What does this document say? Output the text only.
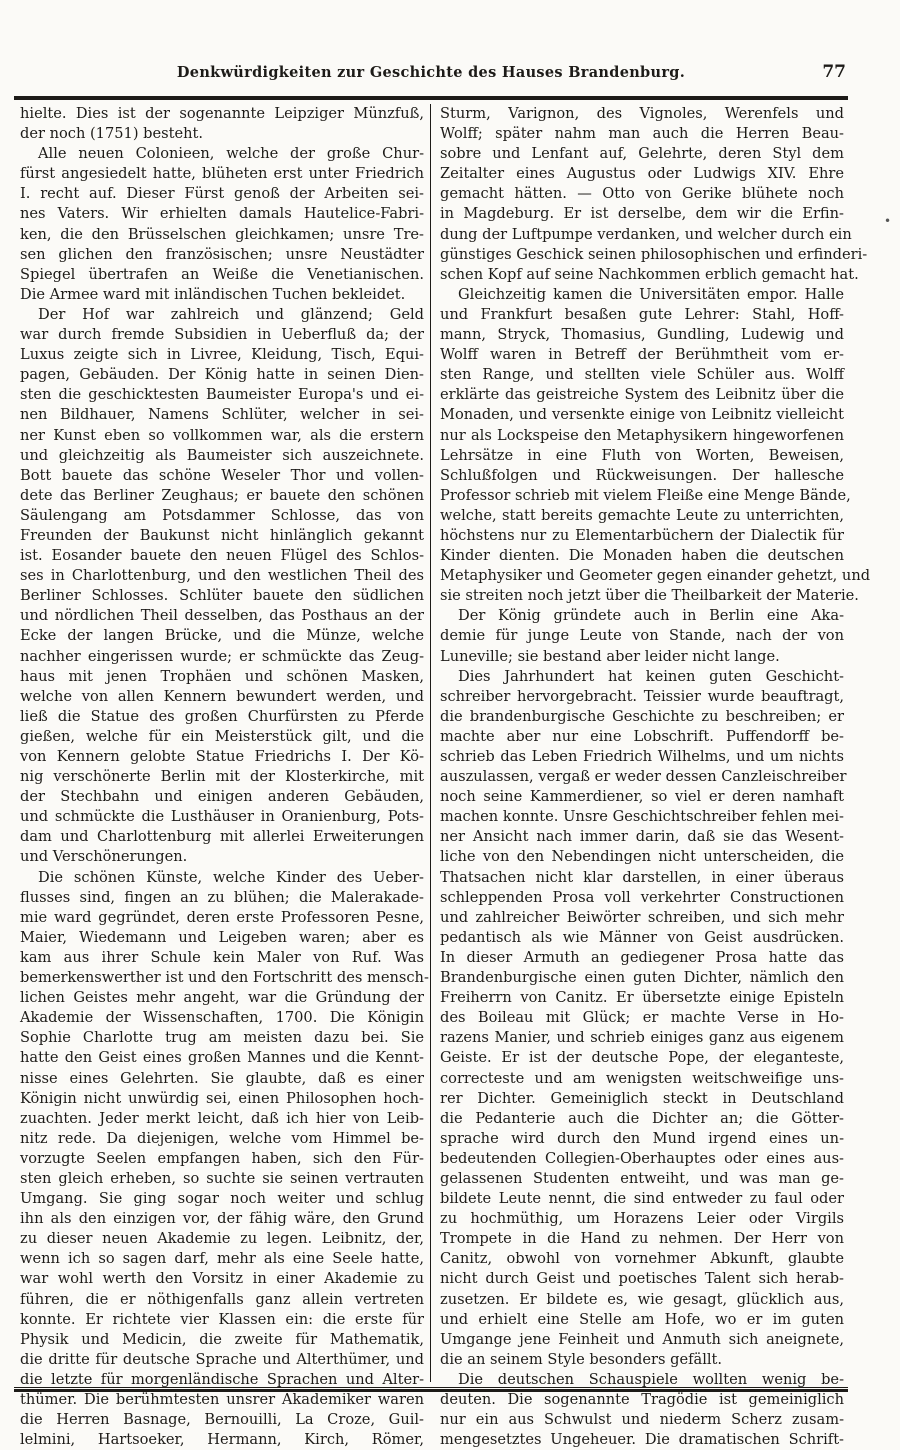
Denkwürdigkeiten zur Geschichte des Hauses Brandenburg.	77
hielte. Dies ist der sogenannte Leipziger Münzfuß,
der noch (1751) besteht.
Alle neuen Colonieen, welche der große Chur-
fürst angesiedelt hatte, blüheten erst unter Friedrich
I. recht auf. Dieser Fürst genoß der Arbeiten sei-
nes Vaters. Wir erhielten damals Hautelice-Fabri-
ken, die den Brüsselschen gleichkamen; unsre Tre-
sen glichen den französischen; unsre Neustädter
Spiegel übertrafen an Weiße die Venetianischen.
Die Armee ward mit inländischen Tuchen bekleidet.
Der Hof war zahlreich und glänzend; Geld
war durch fremde Subsidien in Ueberfluß da; der
Luxus zeigte sich in Livree, Kleidung, Tisch, Equi-
pagen, Gebäuden. Der König hatte in seinen Dien-
sten die geschicktesten Baumeister Europa's und ei-
nen Bildhauer, Namens Schlüter, welcher in sei-
ner Kunst eben so vollkommen war, als die erstern
und gleichzeitig als Baumeister sich auszeichnete.
Bott bauete das schöne Weseler Thor und vollen-
dete das Berliner Zeughaus; er bauete den schönen
Säulengang am Potsdammer Schlosse, das von
Freunden der Baukunst nicht hinlänglich gekannt
ist. Eosander bauete den neuen Flügel des Schlos-
ses in Charlottenburg, und den westlichen Theil des
Berliner Schlosses. Schlüter bauete den südlichen
und nördlichen Theil desselben, das Posthaus an der
Ecke der langen Brücke, und die Münze, welche
nachher eingerissen wurde; er schmückte das Zeug-
haus mit jenen Trophäen und schönen Masken,
welche von allen Kennern bewundert werden, und
ließ die Statue des großen Churfürsten zu Pferde
gießen, welche für ein Meisterstück gilt, und die
von Kennern gelobte Statue Friedrichs I. Der Kö-
nig verschönerte Berlin mit der Klosterkirche, mit
der Stechbahn und einigen anderen Gebäuden,
und schmückte die Lusthäuser in Oranienburg, Pots-
dam und Charlottenburg mit allerlei Erweiterungen
und Verschönerungen.
Die schönen Künste, welche Kinder des Ueber-
flusses sind, fingen an zu blühen; die Malerakade-
mie ward gegründet, deren erste Professoren Pesne,
Maier, Wiedemann und Leigeben waren; aber es
kam aus ihrer Schule kein Maler von Ruf. Was
bemerkenswerther ist und den Fortschritt des mensch-
lichen Geistes mehr angeht, war die Gründung der
Akademie der Wissenschaften, 1700. Die Königin
Sophie Charlotte trug am meisten dazu bei. Sie
hatte den Geist eines großen Mannes und die Kennt-
nisse eines Gelehrten. Sie glaubte, daß es einer
Königin nicht unwürdig sei, einen Philosophen hoch-
zuachten. Jeder merkt leicht, daß ich hier von Leib-
nitz rede. Da diejenigen, welche vom Himmel be-
vorzugte Seelen empfangen haben, sich den Für-
sten gleich erheben, so suchte sie seinen vertrauten
Umgang. Sie ging sogar noch weiter und schlug
ihn als den einzigen vor, der fähig wäre, den Grund
zu dieser neuen Akademie zu legen. Leibnitz, der,
wenn ich so sagen darf, mehr als eine Seele hatte,
war wohl werth den Vorsitz in einer Akademie zu
führen, die er nöthigenfalls ganz allein vertreten
konnte. Er richtete vier Klassen ein: die erste für
Physik und Medicin, die zweite für Mathematik,
die dritte für deutsche Sprache und Alterthümer, und
die letzte für morgenländische Sprachen und Alter-
thümer. Die berühmtesten unsrer Akademiker waren
die Herren Basnage, Bernouilli, La Croze, Guil-
lelmini, Hartsoeker, Hermann, Kirch, Römer,
Sturm, Varignon, des Vignoles, Werenfels und
Wolff; später nahm man auch die Herren Beau-
sobre und Lenfant auf, Gelehrte, deren Styl dem
Zeitalter eines Augustus oder Ludwigs XIV. Ehre
gemacht hätten. — Otto von Gerike blühete noch
in Magdeburg. Er ist derselbe, dem wir die Erfin-
dung der Luftpumpe verdanken, und welcher durch ein
günstiges Geschick seinen philosophischen und erfinderi-
schen Kopf auf seine Nachkommen erblich gemacht hat.
Gleichzeitig kamen die Universitäten empor. Halle
und Frankfurt besaßen gute Lehrer: Stahl, Hoff-
mann, Stryck, Thomasius, Gundling, Ludewig und
Wolff waren in Betreff der Berühmtheit vom er-
sten Range, und stellten viele Schüler aus. Wolff
erklärte das geistreiche System des Leibnitz über die
Monaden, und versenkte einige von Leibnitz vielleicht
nur als Lockspeise den Metaphysikern hingeworfenen
Lehrsätze in eine Fluth von Worten, Beweisen,
Schlußfolgen und Rückweisungen. Der hallesche
Professor schrieb mit vielem Fleiße eine Menge Bände,
welche, statt bereits gemachte Leute zu unterrichten,
höchstens nur zu Elementarbüchern der Dialectik für
Kinder dienten. Die Monaden haben die deutschen
Metaphysiker und Geometer gegen einander gehetzt, und
sie streiten noch jetzt über die Theilbarkeit der Materie.
Der König gründete auch in Berlin eine Aka-
demie für junge Leute von Stande, nach der von
Luneville; sie bestand aber leider nicht lange.
Dies Jahrhundert hat keinen guten Geschicht-
schreiber hervorgebracht. Teissier wurde beauftragt,
die brandenburgische Geschichte zu beschreiben; er
machte aber nur eine Lobschrift. Puffendorff be-
schrieb das Leben Friedrich Wilhelms, und um nichts
auszulassen, vergaß er weder dessen Canzleischreiber
noch seine Kammerdiener, so viel er deren namhaft
machen konnte. Unsre Geschichtschreiber fehlen mei-
ner Ansicht nach immer darin, daß sie das Wesent-
liche von den Nebendingen nicht unterscheiden, die
Thatsachen nicht klar darstellen, in einer überaus
schleppenden Prosa voll verkehrter Constructionen
und zahlreicher Beiwörter schreiben, und sich mehr
pedantisch als wie Männer von Geist ausdrücken.
In dieser Armuth an gediegener Prosa hatte das
Brandenburgische einen guten Dichter, nämlich den
Freiherrn von Canitz. Er übersetzte einige Episteln
des Boileau mit Glück; er machte Verse in Ho-
razens Manier, und schrieb einiges ganz aus eigenem
Geiste. Er ist der deutsche Pope, der eleganteste,
correcteste und am wenigsten weitschweifige uns-
rer Dichter. Gemeiniglich steckt in Deutschland
die Pedanterie auch die Dichter an; die Götter-
sprache wird durch den Mund irgend eines un-
bedeutenden Collegien-Oberhauptes oder eines aus-
gelassenen Studenten entweiht, und was man ge-
bildete Leute nennt, die sind entweder zu faul oder
zu hochmüthig, um Horazens Leier oder Virgils
Trompete in die Hand zu nehmen. Der Herr von
Canitz, obwohl von vornehmer Abkunft, glaubte
nicht durch Geist und poetisches Talent sich herab-
zusetzen. Er bildete es, wie gesagt, glücklich aus,
und erhielt eine Stelle am Hofe, wo er im guten
Umgange jene Feinheit und Anmuth sich aneignete,
die an seinem Style besonders gefällt.
Die deutschen Schauspiele wollten wenig be-
deuten. Die sogenannte Tragödie ist gemeiniglich
nur ein aus Schwulst und niederm Scherz zusam-
mengesetztes Ungeheuer. Die dramatischen Schrift-
•
